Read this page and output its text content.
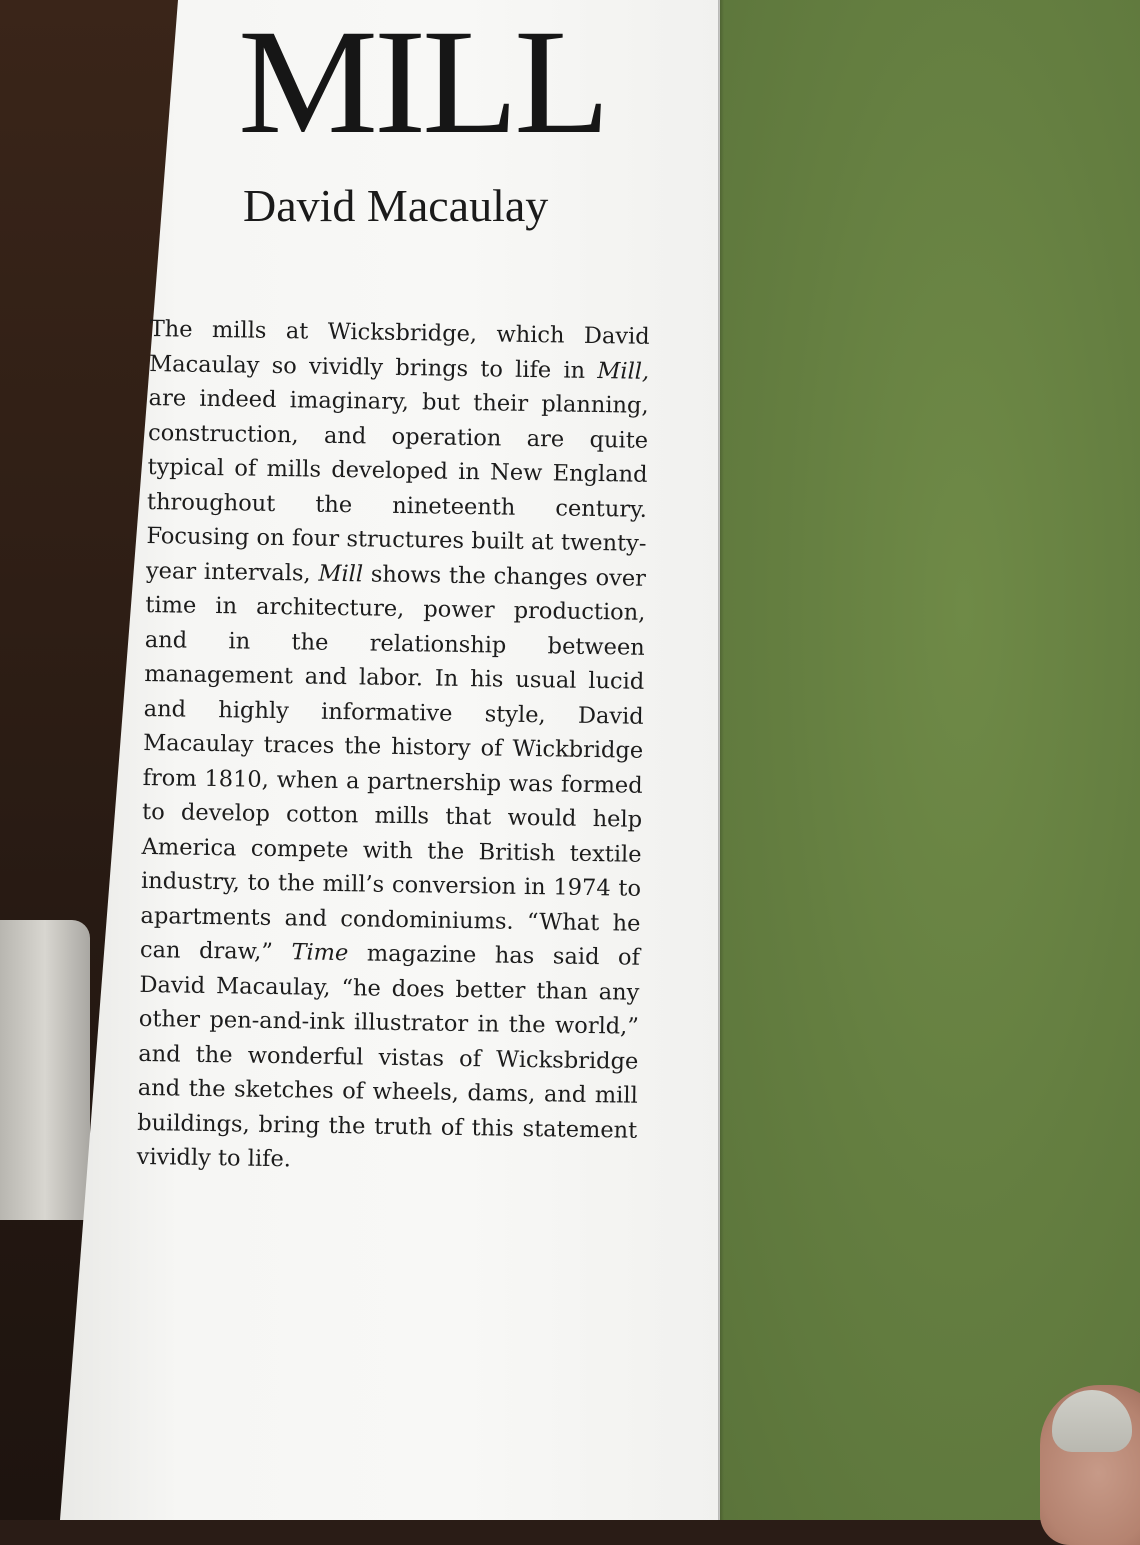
MILL
David Macaulay

The mills at Wicksbridge, which David Macaulay so vividly brings to life in Mill, are indeed imaginary, but their planning, construction, and operation are quite typical of mills developed in New England throughout the nineteenth century. Focusing on four structures built at twenty-year intervals, Mill shows the changes over time in architecture, power production, and in the relationship between management and labor. In his usual lucid and highly informative style, David Macaulay traces the history of Wickbridge from 1810, when a partnership was formed to develop cotton mills that would help America compete with the British textile industry, to the mill’s conversion in 1974 to apartments and condominiums. “What he can draw,” Time magazine has said of David Macaulay, “he does better than any other pen-and-ink illustrator in the world,” and the wonderful vistas of Wicksbridge and the sketches of wheels, dams, and mill buildings, bring the truth of this statement vividly to life.
